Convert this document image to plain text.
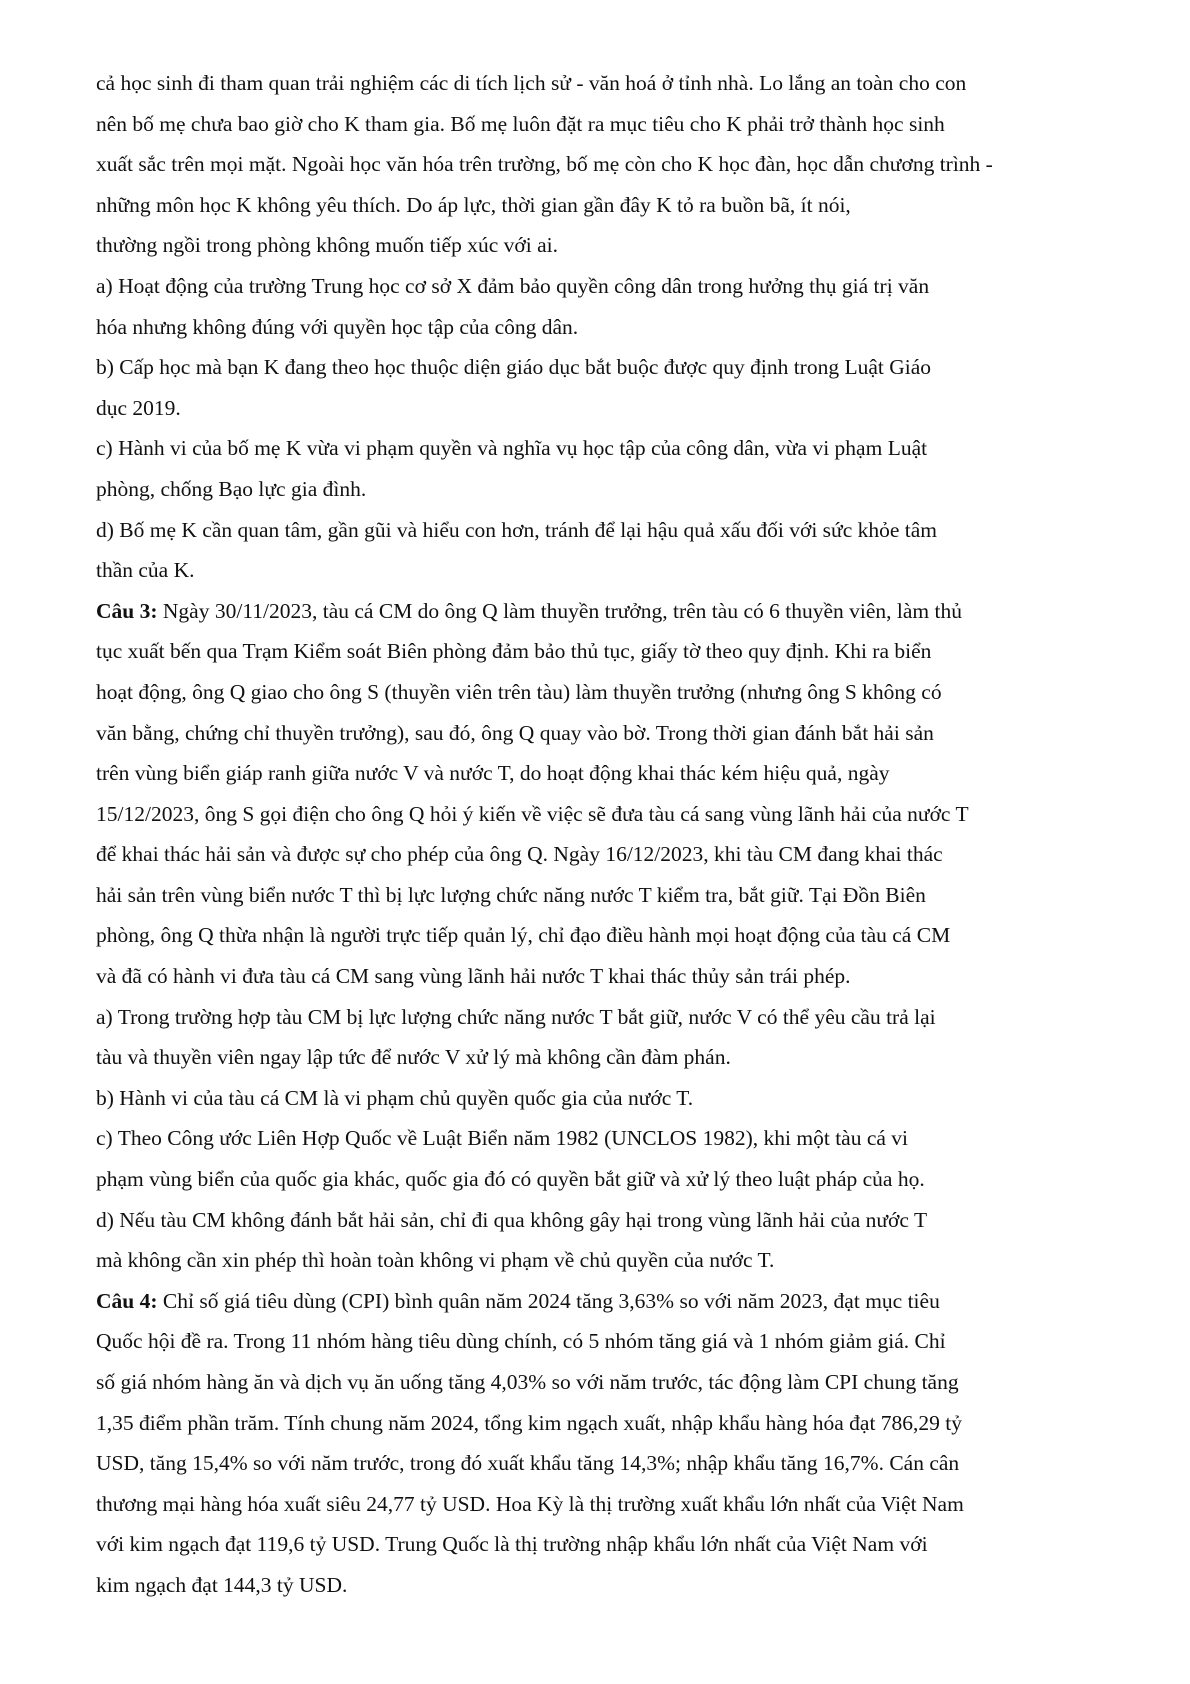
cả học sinh đi tham quan trải nghiệm các di tích lịch sử - văn hoá ở tỉnh nhà. Lo lắng an toàn cho con
nên bố mẹ chưa bao giờ cho K tham gia. Bố mẹ luôn đặt ra mục tiêu cho K phải trở thành học sinh
xuất sắc trên mọi mặt. Ngoài học văn hóa trên trường, bố mẹ còn cho K học đàn, học dẫn chương trình -
những môn học K không yêu thích. Do áp lực, thời gian gần đây K tỏ ra buồn bã, ít nói,
thường ngồi trong phòng không muốn tiếp xúc với ai.
a) Hoạt động của trường Trung học cơ sở X đảm bảo quyền công dân trong hưởng thụ giá trị văn
hóa nhưng không đúng với quyền học tập của công dân.
b) Cấp học mà bạn K đang theo học thuộc diện giáo dục bắt buộc được quy định trong Luật Giáo
dục 2019.
c) Hành vi của bố mẹ K vừa vi phạm quyền và nghĩa vụ học tập của công dân, vừa vi phạm Luật
phòng, chống Bạo lực gia đình.
d) Bố mẹ K cần quan tâm, gần gũi và hiểu con hơn, tránh để lại hậu quả xấu đối với sức khỏe tâm
thần của K.
Câu 3: Ngày 30/11/2023, tàu cá CM do ông Q làm thuyền trưởng, trên tàu có 6 thuyền viên, làm thủ
tục xuất bến qua Trạm Kiểm soát Biên phòng đảm bảo thủ tục, giấy tờ theo quy định. Khi ra biển
hoạt động, ông Q giao cho ông S (thuyền viên trên tàu) làm thuyền trưởng (nhưng ông S không có
văn bằng, chứng chỉ thuyền trưởng), sau đó, ông Q quay vào bờ. Trong thời gian đánh bắt hải sản
trên vùng biển giáp ranh giữa nước V và nước T, do hoạt động khai thác kém hiệu quả, ngày
15/12/2023, ông S gọi điện cho ông Q hỏi ý kiến về việc sẽ đưa tàu cá sang vùng lãnh hải của nước T
để khai thác hải sản và được sự cho phép của ông Q. Ngày 16/12/2023, khi tàu CM đang khai thác
hải sản trên vùng biển nước T thì bị lực lượng chức năng nước T kiểm tra, bắt giữ. Tại Đồn Biên
phòng, ông Q thừa nhận là người trực tiếp quản lý, chỉ đạo điều hành mọi hoạt động của tàu cá CM
và đã có hành vi đưa tàu cá CM sang vùng lãnh hải nước T khai thác thủy sản trái phép.
a) Trong trường hợp tàu CM bị lực lượng chức năng nước T bắt giữ, nước V có thể yêu cầu trả lại
tàu và thuyền viên ngay lập tức để nước V xử lý mà không cần đàm phán.
b) Hành vi của tàu cá CM là vi phạm chủ quyền quốc gia của nước T.
c) Theo Công ước Liên Hợp Quốc về Luật Biển năm 1982 (UNCLOS 1982), khi một tàu cá vi
phạm vùng biển của quốc gia khác, quốc gia đó có quyền bắt giữ và xử lý theo luật pháp của họ.
d) Nếu tàu CM không đánh bắt hải sản, chỉ đi qua không gây hại trong vùng lãnh hải của nước T
mà không cần xin phép thì hoàn toàn không vi phạm về chủ quyền của nước T.
Câu 4: Chỉ số giá tiêu dùng (CPI) bình quân năm 2024 tăng 3,63% so với năm 2023, đạt mục tiêu
Quốc hội đề ra. Trong 11 nhóm hàng tiêu dùng chính, có 5 nhóm tăng giá và 1 nhóm giảm giá. Chỉ
số giá nhóm hàng ăn và dịch vụ ăn uống tăng 4,03% so với năm trước, tác động làm CPI chung tăng
1,35 điểm phần trăm. Tính chung năm 2024, tổng kim ngạch xuất, nhập khẩu hàng hóa đạt 786,29 tỷ
USD, tăng 15,4% so với năm trước, trong đó xuất khẩu tăng 14,3%; nhập khẩu tăng 16,7%. Cán cân
thương mại hàng hóa xuất siêu 24,77 tỷ USD. Hoa Kỳ là thị trường xuất khẩu lớn nhất của Việt Nam
với kim ngạch đạt 119,6 tỷ USD. Trung Quốc là thị trường nhập khẩu lớn nhất của Việt Nam với
kim ngạch đạt 144,3 tỷ USD.
